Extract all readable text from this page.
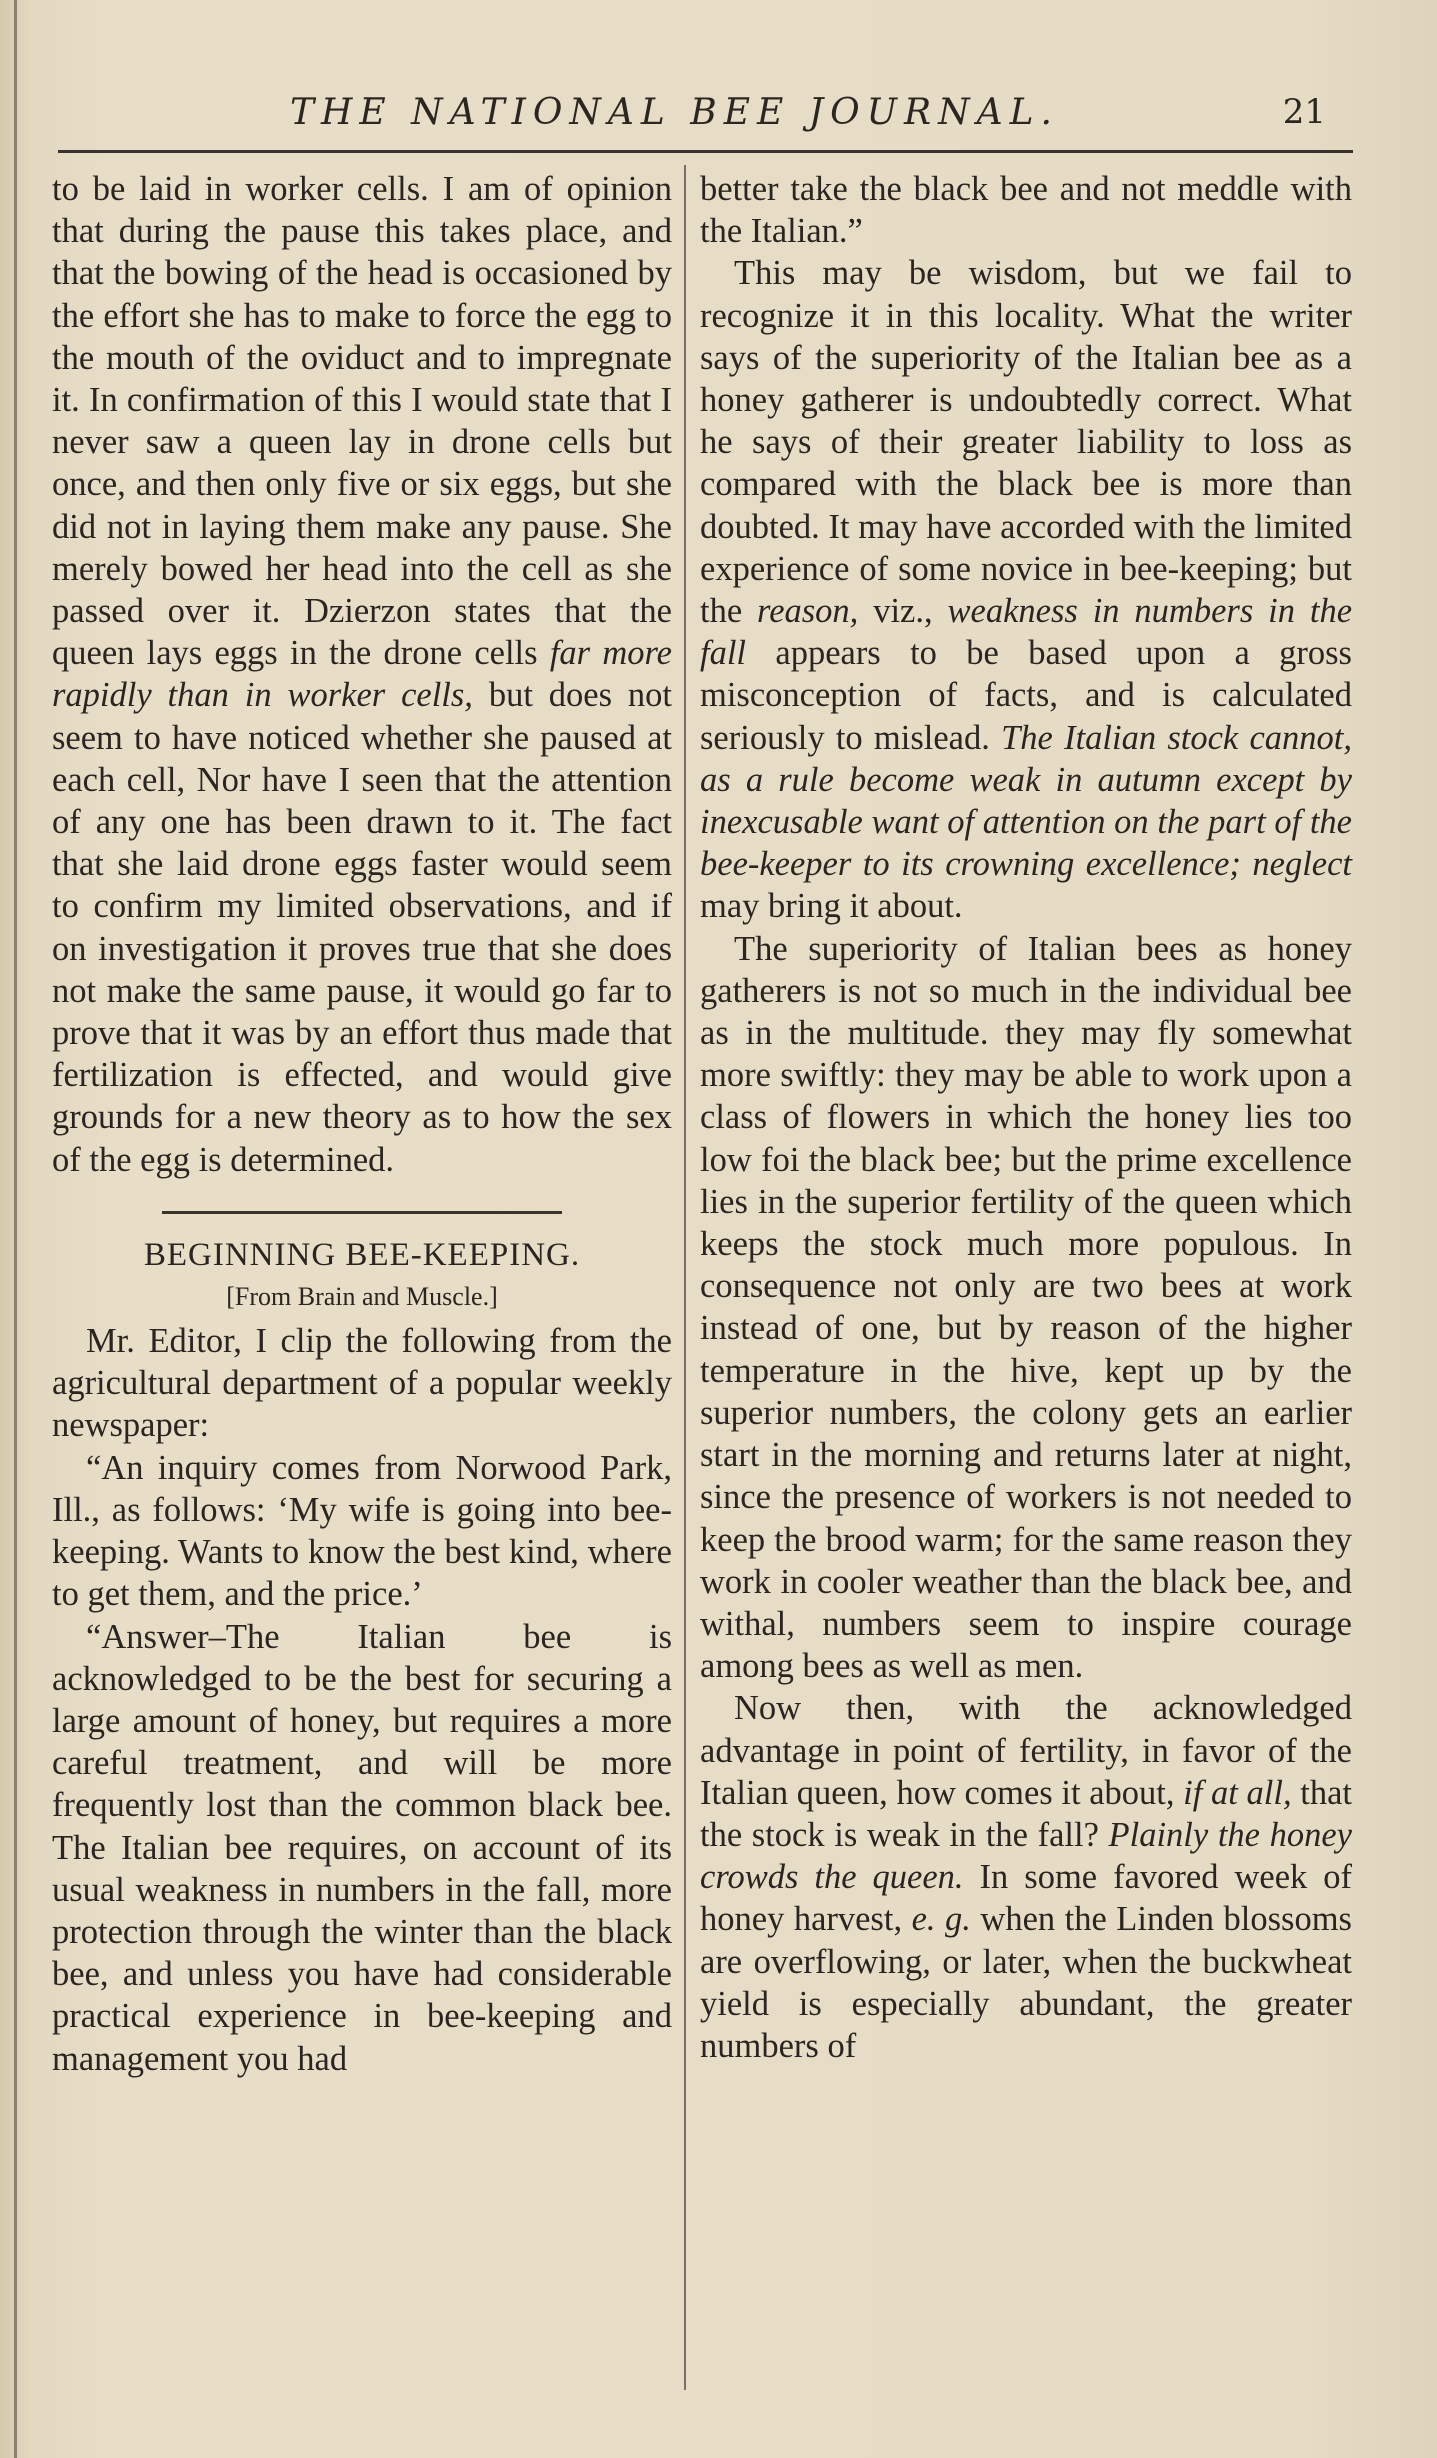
THE NATIONAL BEE JOURNAL.	21

to be laid in worker cells. I am of opinion that during the pause this takes place, and that the bowing of the head is occasioned by the effort she has to make to force the egg to the mouth of the oviduct and to impregnate it. In confirmation of this I would state that I never saw a queen lay in drone cells but once, and then only five or six eggs, but she did not in laying them make any pause. She merely bowed her head into the cell as she passed over it. Dzierzon states that the queen lays eggs in the drone cells far more rapidly than in worker cells, but does not seem to have noticed whether she paused at each cell, Nor have I seen that the attention of any one has been drawn to it. The fact that she laid drone eggs faster would seem to confirm my limited observations, and if on investigation it proves true that she does not make the same pause, it would go far to prove that it was by an effort thus made that fertilization is effected, and would give grounds for a new theory as to how the sex of the egg is determined.

BEGINNING BEE-KEEPING.
[From Brain and Muscle.]

Mr. Editor, I clip the following from the agricultural department of a popular weekly newspaper:

“An inquiry comes from Norwood Park, Ill., as follows: ‘My wife is going into bee-keeping. Wants to know the best kind, where to get them, and the price.’

“Answer–The Italian bee is acknowledged to be the best for securing a large amount of honey, but requires a more careful treatment, and will be more frequently lost than the common black bee. The Italian bee requires, on account of its usual weakness in numbers in the fall, more protection through the winter than the black bee, and unless you have had considerable practical experience in bee-keeping and management you had

better take the black bee and not meddle with the Italian.”

This may be wisdom, but we fail to recognize it in this locality. What the writer says of the superiority of the Italian bee as a honey gatherer is undoubtedly correct. What he says of their greater liability to loss as compared with the black bee is more than doubted. It may have accorded with the limited experience of some novice in bee-keeping; but the reason, viz., weakness in numbers in the fall appears to be based upon a gross misconception of facts, and is calculated seriously to mislead. The Italian stock cannot, as a rule become weak in autumn except by inexcusable want of attention on the part of the bee-keeper to its crowning excellence; neglect may bring it about.

The superiority of Italian bees as honey gatherers is not so much in the individual bee as in the multitude. they may fly somewhat more swiftly: they may be able to work upon a class of flowers in which the honey lies too low foi the black bee; but the prime excellence lies in the superior fertility of the queen which keeps the stock much more populous. In consequence not only are two bees at work instead of one, but by reason of the higher temperature in the hive, kept up by the superior numbers, the colony gets an earlier start in the morning and returns later at night, since the presence of workers is not needed to keep the brood warm; for the same reason they work in cooler weather than the black bee, and withal, numbers seem to inspire courage among bees as well as men.

Now then, with the acknowledged advantage in point of fertility, in favor of the Italian queen, how comes it about, if at all, that the stock is weak in the fall? Plainly the honey crowds the queen. In some favored week of honey harvest, e. g. when the Linden blossoms are overflowing, or later, when the buckwheat yield is especially abundant, the greater numbers of
